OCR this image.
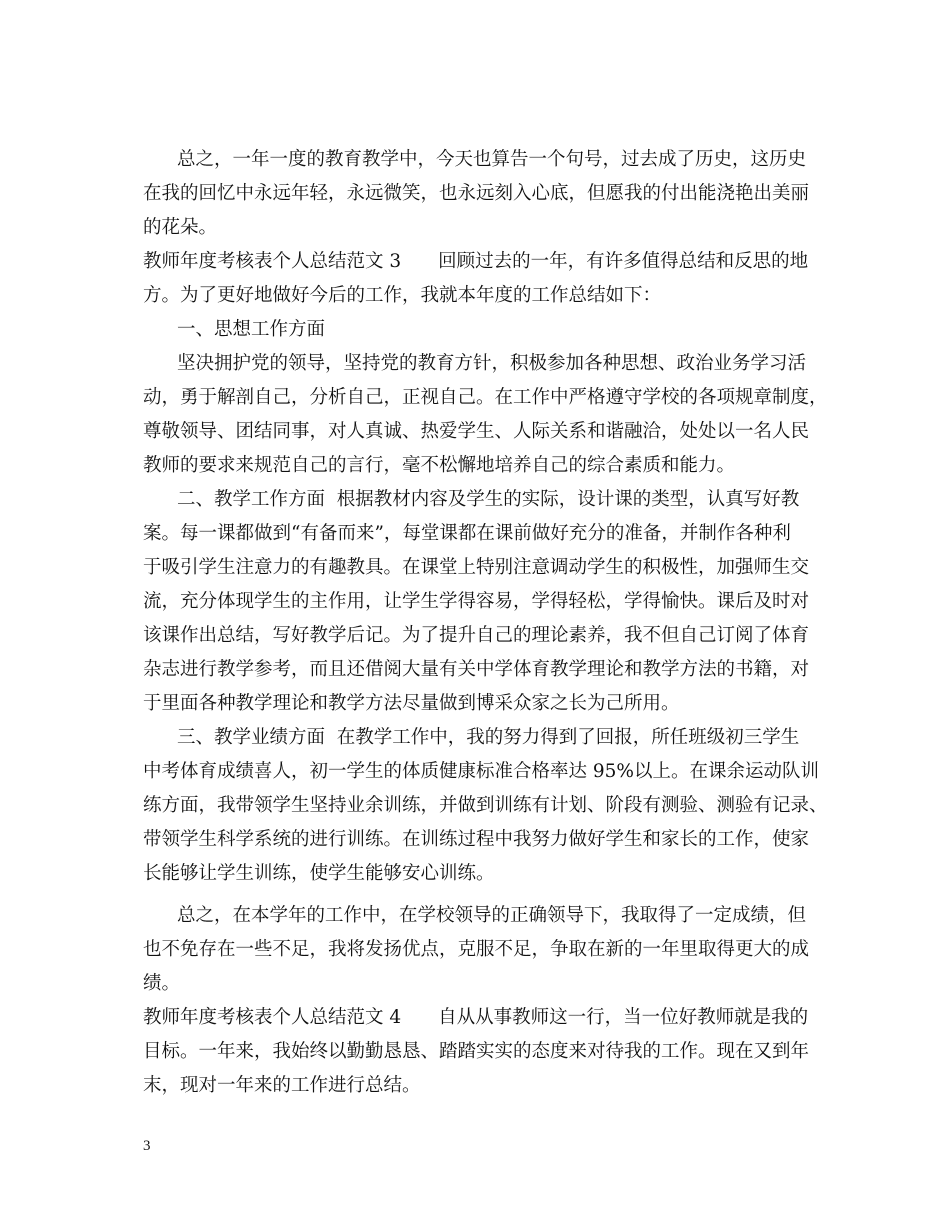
总之，一年一度的教育教学中，今天也算告一个句号，过去成了历史，这历史
在我的回忆中永远年轻，永远微笑，也永远刻入心底，但愿我的付出能浇艳出美丽
的花朵。
教师年度考核表个人总结范文 3　　回顾过去的一年，有许多值得总结和反思的地
方。为了更好地做好今后的工作，我就本年度的工作总结如下：
一、思想工作方面
坚决拥护党的领导，坚持党的教育方针，积极参加各种思想、政治业务学习活
动，勇于解剖自己，分析自己，正视自己。在工作中严格遵守学校的各项规章制度，
尊敬领导、团结同事，对人真诚、热爱学生、人际关系和谐融洽，处处以一名人民
教师的要求来规范自己的言行，毫不松懈地培养自己的综合素质和能力。
二、教学工作方面  根据教材内容及学生的实际，设计课的类型，认真写好教
案。每一课都做到“有备而来”，每堂课都在课前做好充分的准备，并制作各种利
于吸引学生注意力的有趣教具。在课堂上特别注意调动学生的积极性，加强师生交
流，充分体现学生的主作用，让学生学得容易，学得轻松，学得愉快。课后及时对
该课作出总结，写好教学后记。为了提升自己的理论素养，我不但自己订阅了体育
杂志进行教学参考，而且还借阅大量有关中学体育教学理论和教学方法的书籍，对
于里面各种教学理论和教学方法尽量做到博采众家之长为己所用。
三、教学业绩方面  在教学工作中，我的努力得到了回报，所任班级初三学生
中考体育成绩喜人，初一学生的体质健康标准合格率达 95%以上。在课余运动队训
练方面，我带领学生坚持业余训练，并做到训练有计划、阶段有测验、测验有记录、
带领学生科学系统的进行训练。在训练过程中我努力做好学生和家长的工作，使家
长能够让学生训练，使学生能够安心训练。
总之，在本学年的工作中，在学校领导的正确领导下，我取得了一定成绩，但
也不免存在一些不足，我将发扬优点，克服不足，争取在新的一年里取得更大的成
绩。
教师年度考核表个人总结范文 4　　自从从事教师这一行，当一位好教师就是我的
目标。一年来，我始终以勤勤恳恳、踏踏实实的态度来对待我的工作。现在又到年
末，现对一年来的工作进行总结。
3
